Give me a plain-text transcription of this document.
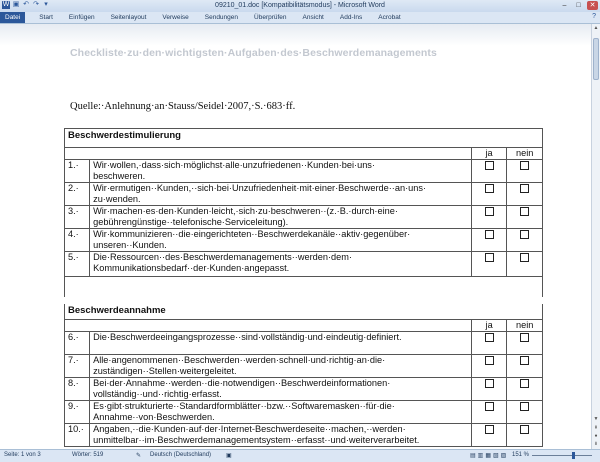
W ▣ ↶ ↷ ▾	09210_01.doc [Kompatibilitätsmodus] - Microsoft Word	–	□	✕
Datei	Start	Einfügen	Seitenlayout	Verweise	Sendungen	Überprüfen	Ansicht	Add-Ins	Acrobat	?
Checkliste·zu·den·wichtigsten·Aufgaben·des·Beschwerdemanagements
Quelle:·Anlehnung·an·Stauss/Seidel·2007,·S.·683·ff.
Beschwerdestimulierung			
		ja	nein
1.·	Wir·wollen,·dass·sich·möglichst·alle·unzufriedenen··Kunden·bei·uns·
beschweren.		
2.·	Wir·ermutigen··Kunden,··sich·bei·Unzufriedenheit·mit·einer·Beschwerde··an·uns·
zu·wenden.		
3.·	Wir·machen·es·den·Kunden·leicht,·sich·zu·beschweren··(z.·B.·durch·eine·
gebührengünstige··telefonische·Serviceleitung).		
4.·	Wir·kommunizieren··die·eingerichteten··Beschwerdekanäle··aktiv·gegenüber·
unseren··Kunden.		
5.·	Die·Ressourcen··des·Beschwerdemanagements··werden·dem·
Kommunikationsbedarf··der·Kunden·angepasst.		

Beschwerdeannahme			
		ja	nein
6.·	Die·Beschwerdeeingangsprozesse··sind·vollständig·und·eindeutig·definiert.		
7.·	Alle·angenommenen··Beschwerden··werden·schnell·und·richtig·an·die·
zuständigen··Stellen·weitergeleitet.		
8.·	Bei·der·Annahme··werden··die·notwendigen··Beschwerdeinformationen·
vollständig··und··richtig·erfasst.		
9.·	Es·gibt·strukturierte··Standardformblätter··bzw.··Softwaremasken··für·die·
Annahme··von·Beschwerden.		
10.·	Angaben,··die·Kunden·auf·der·Internet-Beschwerdeseite··machen,··werden·
unmittelbar··im·Beschwerdemanagementsystem··erfasst··und·weiterverarbeitet.		
▲
▼
⇞
●
⇟
Seite: 1 von 3	Wörter: 519	✎ Deutsch (Deutschland) ▣	▤▥▦▧▨ 151 %
